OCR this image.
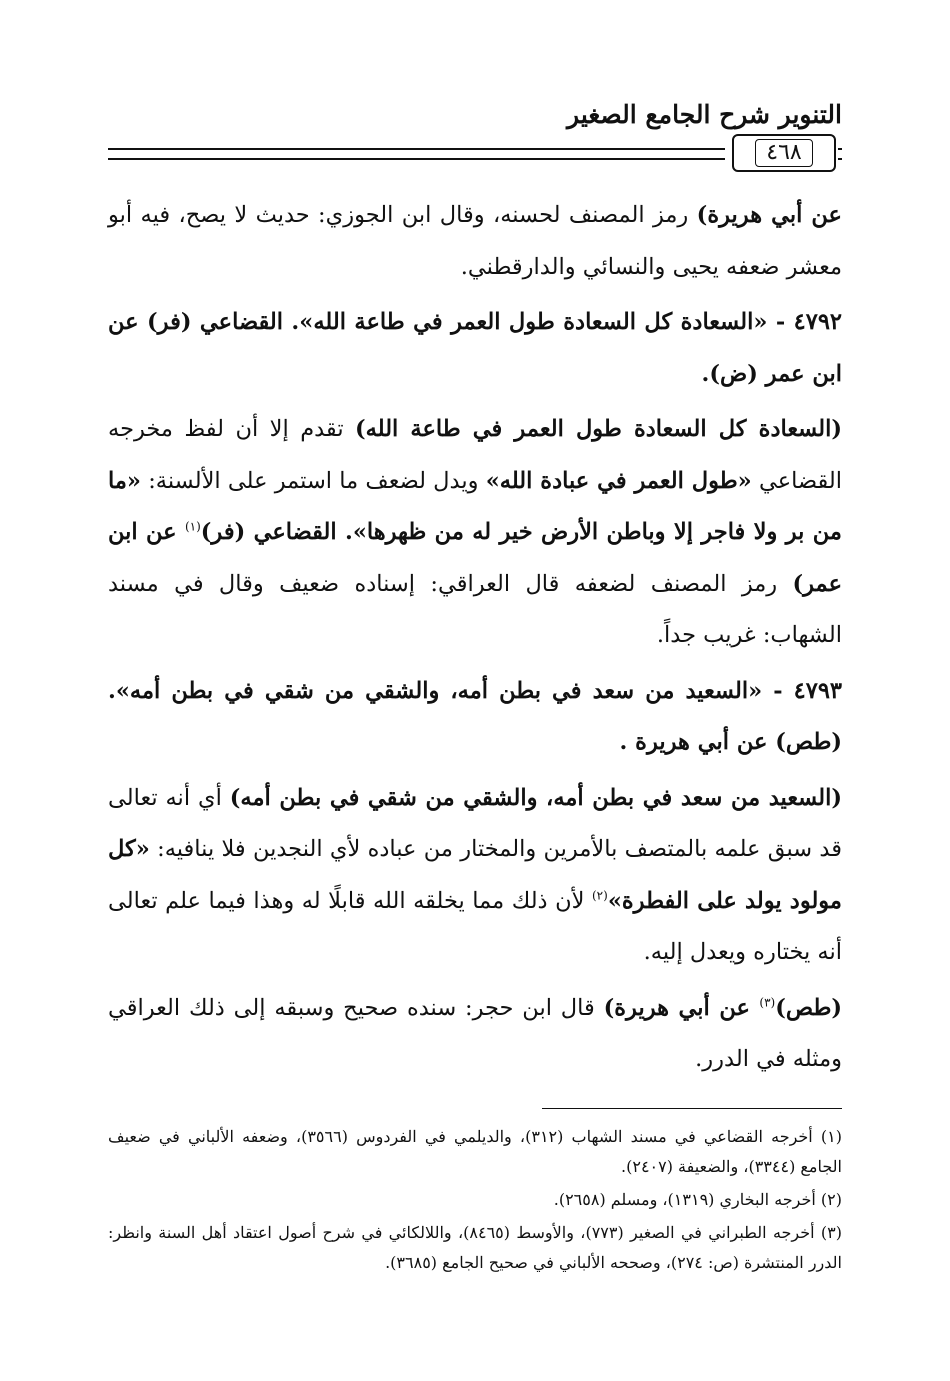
التنوير شرح الجامع الصغير
٤٦٨

عن أبي هريرة) رمز المصنف لحسنه، وقال ابن الجوزي: حديث لا يصح، فيه أبو معشر ضعفه يحيى والنسائي والدارقطني.

٤٧٩٢ - «السعادة كل السعادة طول العمر في طاعة الله». القضاعي (فر) عن ابن عمر (ض).

(السعادة كل السعادة طول العمر في طاعة الله) تقدم إلا أن لفظ مخرجه القضاعي «طول العمر في عبادة الله» ويدل لضعف ما استمر على الألسنة: «ما من بر ولا فاجر إلا وباطن الأرض خير له من ظهرها». القضاعي (فر)$^{(١)}$ عن ابن عمر) رمز المصنف لضعفه قال العراقي: إسناده ضعيف وقال في مسند الشهاب: غريب جداً.

٤٧٩٣ - «السعيد من سعد في بطن أمه، والشقي من شقي في بطن أمه». (طص) عن أبي هريرة .

(السعيد من سعد في بطن أمه، والشقي من شقي في بطن أمه) أي أنه تعالى قد سبق علمه بالمتصف بالأمرين والمختار من عباده لأي النجدين فلا ينافيه: «كل مولود يولد على الفطرة»$^{(٢)}$ لأن ذلك مما يخلقه الله قابلًا له وهذا فيما علم تعالى أنه يختاره ويعدل إليه.

(طص)$^{(٣)}$ عن أبي هريرة) قال ابن حجر: سنده صحيح وسبقه إلى ذلك العراقي ومثله في الدرر.

(١) أخرجه القضاعي في مسند الشهاب (٣١٢)، والديلمي في الفردوس (٣٥٦٦)، وضعفه الألباني في ضعيف الجامع (٣٣٤٤)، والضعيفة (٢٤٠٧).

(٢) أخرجه البخاري (١٣١٩)، ومسلم (٢٦٥٨).

(٣) أخرجه الطبراني في الصغير (٧٧٣)، والأوسط (٨٤٦٥)، واللالكائي في شرح أصول اعتقاد أهل السنة وانظر: الدرر المنتشرة (ص: ٢٧٤)، وصححه الألباني في صحيح الجامع (٣٦٨٥).
